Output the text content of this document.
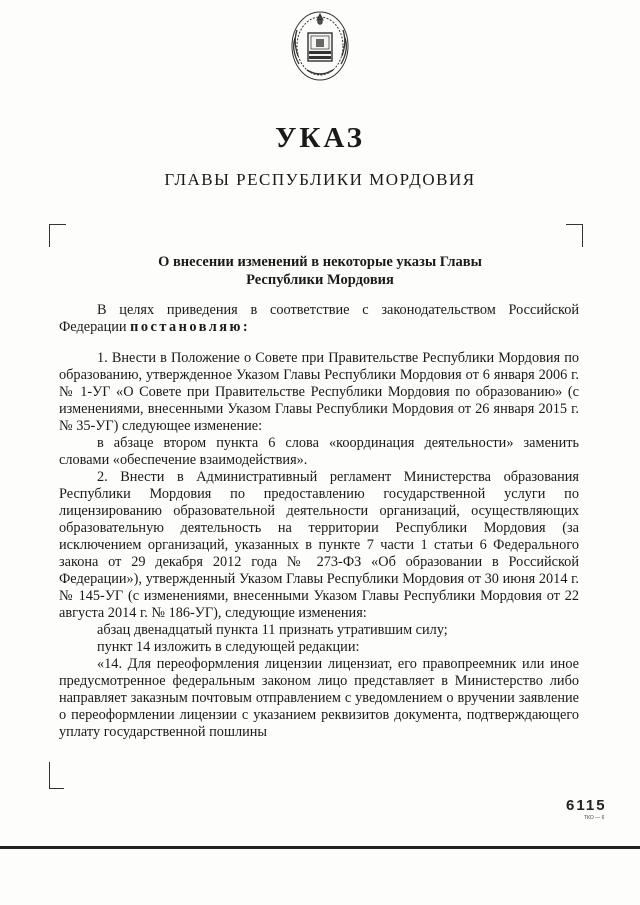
УКАЗ
ГЛАВЫ РЕСПУБЛИКИ МОРДОВИЯ
О внесении изменений в некоторые указы Главы
Республики Мордовия

В целях приведения в соответствие с законодательством Российской Федерации постановляю:

1. Внести в Положение о Совете при Правительстве Республики Мордовия по образованию, утвержденное Указом Главы Республики Мордовия от 6 января 2006 г. № 1-УГ «О Совете при Правительстве Республики Мордовия по образованию» (с изменениями, внесенными Указом Главы Республики Мордовия от 26 января 2015 г. № 35-УГ) следующее изменение:

в абзаце втором пункта 6 слова «координация деятельности» заменить словами «обеспечение взаимодействия».

2. Внести в Административный регламент Министерства образования Республики Мордовия по предоставлению государственной услуги по лицензированию образовательной деятельности организаций, осуществляющих образовательную деятельность на территории Республики Мордовия (за исключением организаций, указанных в пункте 7 части 1 статьи 6 Федерального закона от 29 декабря 2012 года № 273-ФЗ «Об образовании в Российской Федерации»), утвержденный Указом Главы Республики Мордовия от 30 июня 2014 г. № 145-УГ (с изменениями, внесенными Указом Главы Республики Мордовия от 22 августа 2014 г. № 186-УГ), следующие изменения:

абзац двенадцатый пункта 11 признать утратившим силу;

пункт 14 изложить в следующей редакции:

«14. Для переоформления лицензии лицензиат, его правопреемник или иное предусмотренное федеральным законом лицо представляет в Министерство либо направляет заказным почтовым отправлением с уведомлением о вручении заявление о переоформлении лицензии с указанием реквизитов документа, подтверждающего уплату государственной пошлины

6115
ТКО — 6
